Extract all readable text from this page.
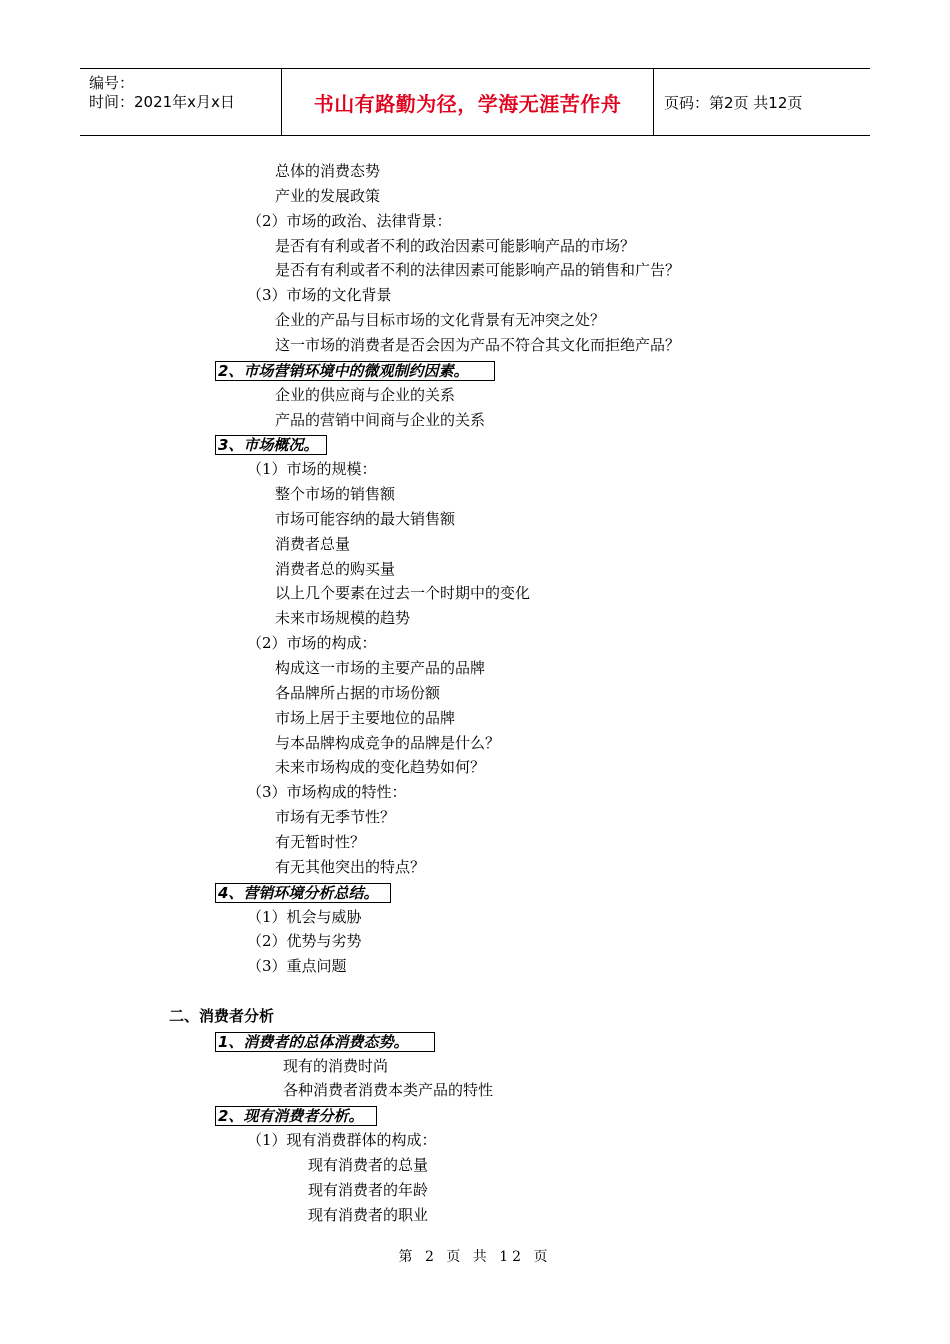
编号：
时间：2021年x月x日	书山有路勤为径，学海无涯苦作舟	页码：第2页 共12页
总体的消费态势
产业的发展政策
（2）市场的政治、法律背景：
是否有有利或者不利的政治因素可能影响产品的市场？
是否有有利或者不利的法律因素可能影响产品的销售和广告？
（3）市场的文化背景
企业的产品与目标市场的文化背景有无冲突之处？
这一市场的消费者是否会因为产品不符合其文化而拒绝产品？
2、市场营销环境中的微观制约因素。
企业的供应商与企业的关系
产品的营销中间商与企业的关系
3、市场概况。
（1）市场的规模：
整个市场的销售额
市场可能容纳的最大销售额
消费者总量
消费者总的购买量
以上几个要素在过去一个时期中的变化
未来市场规模的趋势
（2）市场的构成：
构成这一市场的主要产品的品牌
各品牌所占据的市场份额
市场上居于主要地位的品牌
与本品牌构成竞争的品牌是什么？
未来市场构成的变化趋势如何？
（3）市场构成的特性：
市场有无季节性？
有无暂时性？
有无其他突出的特点？
4、营销环境分析总结。
（1）机会与威胁
（2）优势与劣势
（3）重点问题
二、消费者分析
1、消费者的总体消费态势。
现有的消费时尚
各种消费者消费本类产品的特性
2、现有消费者分析。
（1）现有消费群体的构成：
现有消费者的总量
现有消费者的年龄
现有消费者的职业
第 2 页 共 12 页
